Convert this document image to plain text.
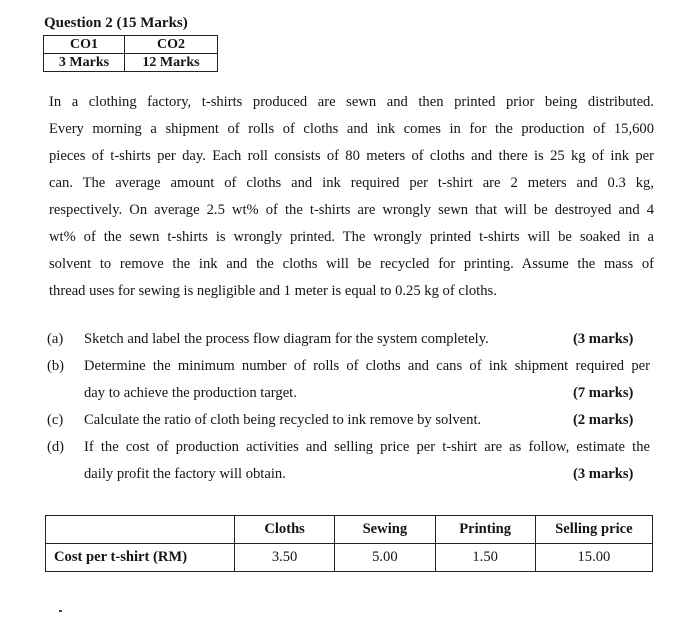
Question 2 (15 Marks)
CO1	CO2
3 Marks	12 Marks
In a clothing factory, t-shirts produced are sewn and then printed prior being distributed.
Every morning a shipment of rolls of cloths and ink comes in for the production of 15,600
pieces of t-shirts per day. Each roll consists of 80 meters of cloths and there is 25 kg of ink per
can. The average amount of cloths and ink required per t-shirt are 2 meters and 0.3 kg,
respectively. On average 2.5 wt% of the t-shirts are wrongly sewn that will be destroyed and 4
wt% of the sewn t-shirts is wrongly printed. The wrongly printed t-shirts will be soaked in a
solvent to remove the ink and the cloths will be recycled for printing. Assume the mass of
thread uses for sewing is negligible and 1 meter is equal to 0.25 kg of cloths.
(a) Sketch and label the process flow diagram for the system completely.	(3 marks)
(b) Determine the minimum number of rolls of cloths and cans of ink shipment required per
day to achieve the production target.	(7 marks)
(c) Calculate the ratio of cloth being recycled to ink remove by solvent.	(2 marks)
(d) If the cost of production activities and selling price per t-shirt are as follow, estimate the
daily profit the factory will obtain.	(3 marks)
	Cloths	Sewing	Printing	Selling price
Cost per t-shirt (RM)	3.50	5.00	1.50	15.00
